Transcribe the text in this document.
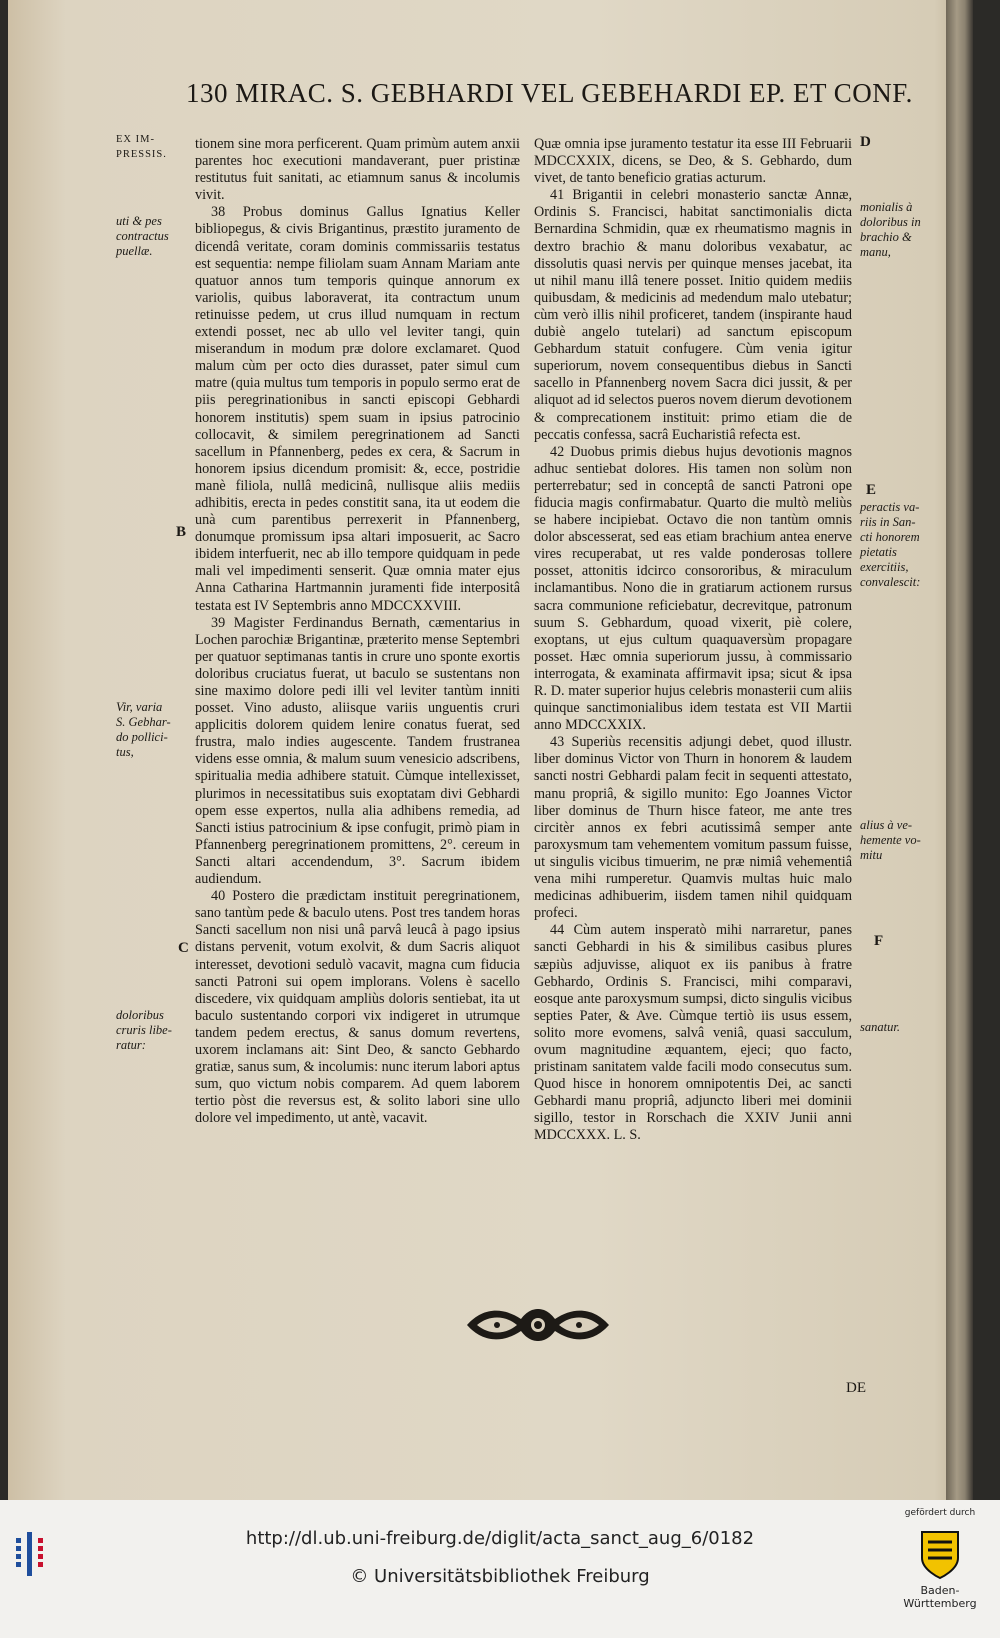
130 MIRAC. S. GEBHARDI VEL GEBEHARDI EP. ET CONF.
EX IM-
PRESSIS.
uti & pes
contractus
puellæ.
Vir, varia
S. Gebhar-
do pollici-
tus,
doloribus
cruris libe-
ratur:
monialis à
doloribus in
brachio &
manu,
peractis va-
riis in San-
cti honorem
pietatis
exercitiis,
convalescit:
alius à ve-
hemente vo-
mitu
sanatur.
D
B
E
C	F

tionem sine mora perficerent. Quam primùm autem anxii parentes hoc executioni mandaverant, puer pristinæ restitutus fuit sanitati, ac etiamnum sanus & incolumis vivit.

38 Probus dominus Gallus Ignatius Keller bibliopegus, & civis Brigantinus, præstito juramento de dicendâ veritate, coram dominis commissariis testatus est sequentia: nempe filiolam suam Annam Mariam ante quatuor annos tum temporis quinque annorum ex variolis, quibus laboraverat, ita contractum unum retinuisse pedem, ut crus illud numquam in rectum extendi posset, nec ab ullo vel leviter tangi, quin miserandum in modum præ dolore exclamaret. Quod malum cùm per octo dies durasset, pater simul cum matre (quia multus tum temporis in populo sermo erat de piis peregrinationibus in sancti episcopi Gebhardi honorem institutis) spem suam in ipsius patrocinio collocavit, & similem peregrinationem ad Sancti sacellum in Pfannenberg, pedes ex cera, & Sacrum in honorem ipsius dicendum promisit: &, ecce, postridie manè filiola, nullâ medicinâ, nullisque aliis mediis adhibitis, erecta in pedes constitit sana, ita ut eodem die unà cum parentibus perrexerit in Pfannenberg, donumque promissum ipsa altari imposuerit, ac Sacro ibidem interfuerit, nec ab illo tempore quidquam in pede mali vel impedimenti senserit. Quæ omnia mater ejus Anna Catharina Hartmannin juramenti fide interpositâ testata est IV Septembris anno MDCCXXVIII.

39 Magister Ferdinandus Bernath, cæmentarius in Lochen parochiæ Brigantinæ, præterito mense Septembri per quatuor septimanas tantis in crure uno sponte exortis doloribus cruciatus fuerat, ut baculo se sustentans non sine maximo dolore pedi illi vel leviter tantùm inniti posset. Vino adusto, aliisque variis unguentis cruri applicitis dolorem quidem lenire conatus fuerat, sed frustra, malo indies augescente. Tandem frustranea videns esse omnia, & malum suum venesicio adscribens, spiritualia media adhibere statuit. Cùmque intellexisset, plurimos in necessitatibus suis exoptatam divi Gebhardi opem esse expertos, nulla alia adhibens remedia, ad Sancti istius patrocinium & ipse confugit, primò piam in Pfannenberg peregrinationem promittens, 2°. cereum in Sancti altari accendendum, 3°. Sacrum ibidem audiendum.

40 Postero die prædictam instituit peregrinationem, sano tantùm pede & baculo utens. Post tres tandem horas Sancti sacellum non nisi unâ parvâ leucâ à pago ipsius distans pervenit, votum exolvit, & dum Sacris aliquot interesset, devotioni sedulò vacavit, magna cum fiducia sancti Patroni sui opem implorans. Volens è sacello discedere, vix quidquam ampliùs doloris sentiebat, ita ut baculo sustentando corpori vix indigeret in utrumque tandem pedem erectus, & sanus domum revertens, uxorem inclamans ait: Sint Deo, & sancto Gebhardo gratiæ, sanus sum, & incolumis: nunc iterum labori aptus sum, quo victum nobis comparem. Ad quem laborem tertio pòst die reversus est, & solito labori sine ullo dolore vel impedimento, ut antè, vacavit.

Quæ omnia ipse juramento testatur ita esse III Februarii MDCCXXIX, dicens, se Deo, & S. Gebhardo, dum vivet, de tanto beneficio gratias acturum.

41 Brigantii in celebri monasterio sanctæ Annæ, Ordinis S. Francisci, habitat sanctimonialis dicta Bernardina Schmidin, quæ ex rheumatismo magnis in dextro brachio & manu doloribus vexabatur, ac dissolutis quasi nervis per quinque menses jacebat, ita ut nihil manu illâ tenere posset. Initio quidem mediis quibusdam, & medicinis ad medendum malo utebatur; cùm verò illis nihil proficeret, tandem (inspirante haud dubiè angelo tutelari) ad sanctum episcopum Gebhardum statuit confugere. Cùm venia igitur superiorum, novem consequentibus diebus in Sancti sacello in Pfannenberg novem Sacra dici jussit, & per aliquot ad id selectos pueros novem dierum devotionem & comprecationem instituit: primo etiam die de peccatis confessa, sacrâ Eucharistiâ refecta est.

42 Duobus primis diebus hujus devotionis magnos adhuc sentiebat dolores. His tamen non solùm non perterrebatur; sed in conceptâ de sancti Patroni ope fiducia magis confirmabatur. Quarto die multò meliùs se habere incipiebat. Octavo die non tantùm omnis dolor abscesserat, sed eas etiam brachium antea enerve vires recuperabat, ut res valde ponderosas tollere posset, attonitis idcirco consororibus, & miraculum inclamantibus. Nono die in gratiarum actionem rursus sacra communione reficiebatur, decrevitque, patronum suum S. Gebhardum, quoad vixerit, piè colere, exoptans, ut ejus cultum quaquaversùm propagare posset. Hæc omnia superiorum jussu, à commissario interrogata, & examinata affirmavit ipsa; sicut & ipsa R. D. mater superior hujus celebris monasterii cum aliis quinque sanctimonialibus idem testata est VII Martii anno MDCCXXIX.

43 Superiùs recensitis adjungi debet, quod illustr. liber dominus Victor von Thurn in honorem & laudem sancti nostri Gebhardi palam fecit in sequenti attestato, manu propriâ, & sigillo munito: Ego Joannes Victor liber dominus de Thurn hisce fateor, me ante tres circitèr annos ex febri acutissimâ semper ante paroxysmum tam vehementem vomitum passum fuisse, ut singulis vicibus timuerim, ne præ nimiâ vehementiâ vena mihi rumperetur. Quamvis multas huic malo medicinas adhibuerim, iisdem tamen nihil quidquam profeci.

44 Cùm autem insperatò mihi narraretur, panes sancti Gebhardi in his & similibus casibus plures sæpiùs adjuvisse, aliquot ex iis panibus à fratre Gebhardo, Ordinis S. Francisci, mihi comparavi, eosque ante paroxysmum sumpsi, dicto singulis vicibus septies Pater, & Ave. Cùmque tertiò iis usus essem, solito more evomens, salvâ veniâ, quasi sacculum, ovum magnitudine æquantem, ejeci; quo facto, pristinam sanitatem valde facili modo consecutus sum. Quod hisce in honorem omnipotentis Dei, ac sancti Gebhardi manu propriâ, adjuncto liberi mei dominii sigillo, testor in Rorschach die XXIV Junii anni MDCCXXX. L. S.

DE
http://dl.ub.uni-freiburg.de/diglit/acta_sanct_aug_6/0182
© Universitätsbibliothek Freiburg
gefördert durch
Baden-Württemberg
